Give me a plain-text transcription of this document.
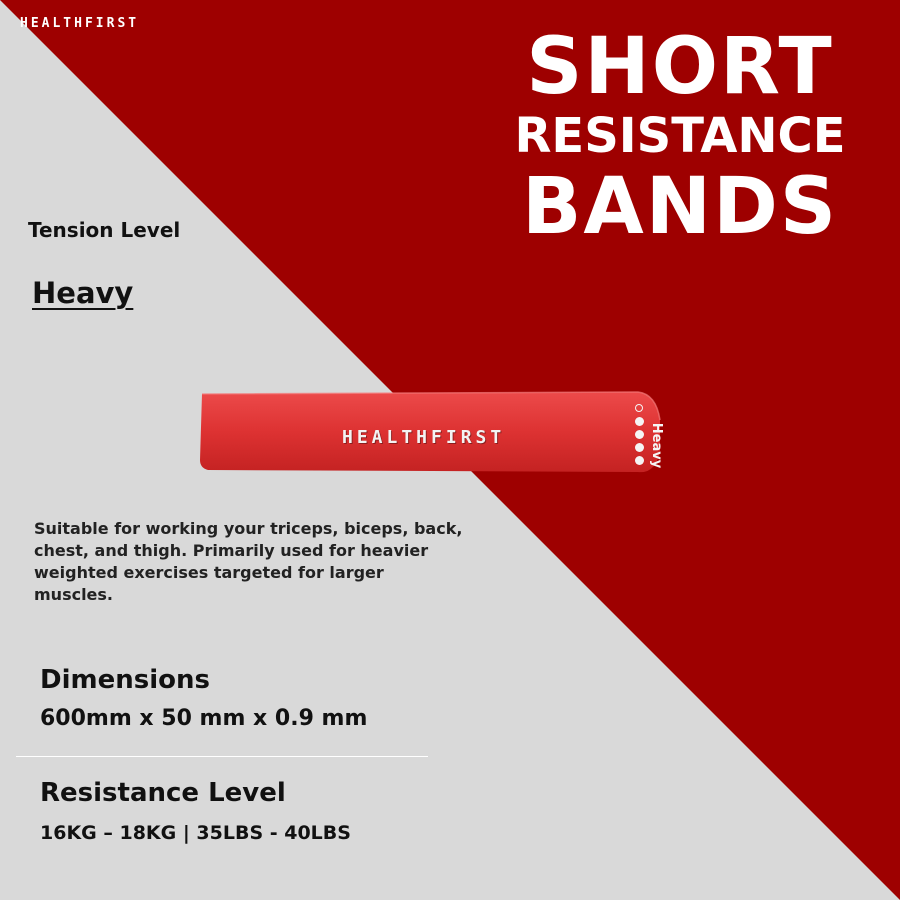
HEALTHFIRST	SHORT
RESISTANCE
BANDS
Tension Level
Heavy
HEALTHFIRST	Heavy
Suitable for working your triceps, biceps, back, chest, and thigh. Primarily used for heavier weighted exercises targeted for larger muscles.
Dimensions
600mm x 50 mm x 0.9 mm
Resistance Level
16KG – 18KG | 35LBS - 40LBS
